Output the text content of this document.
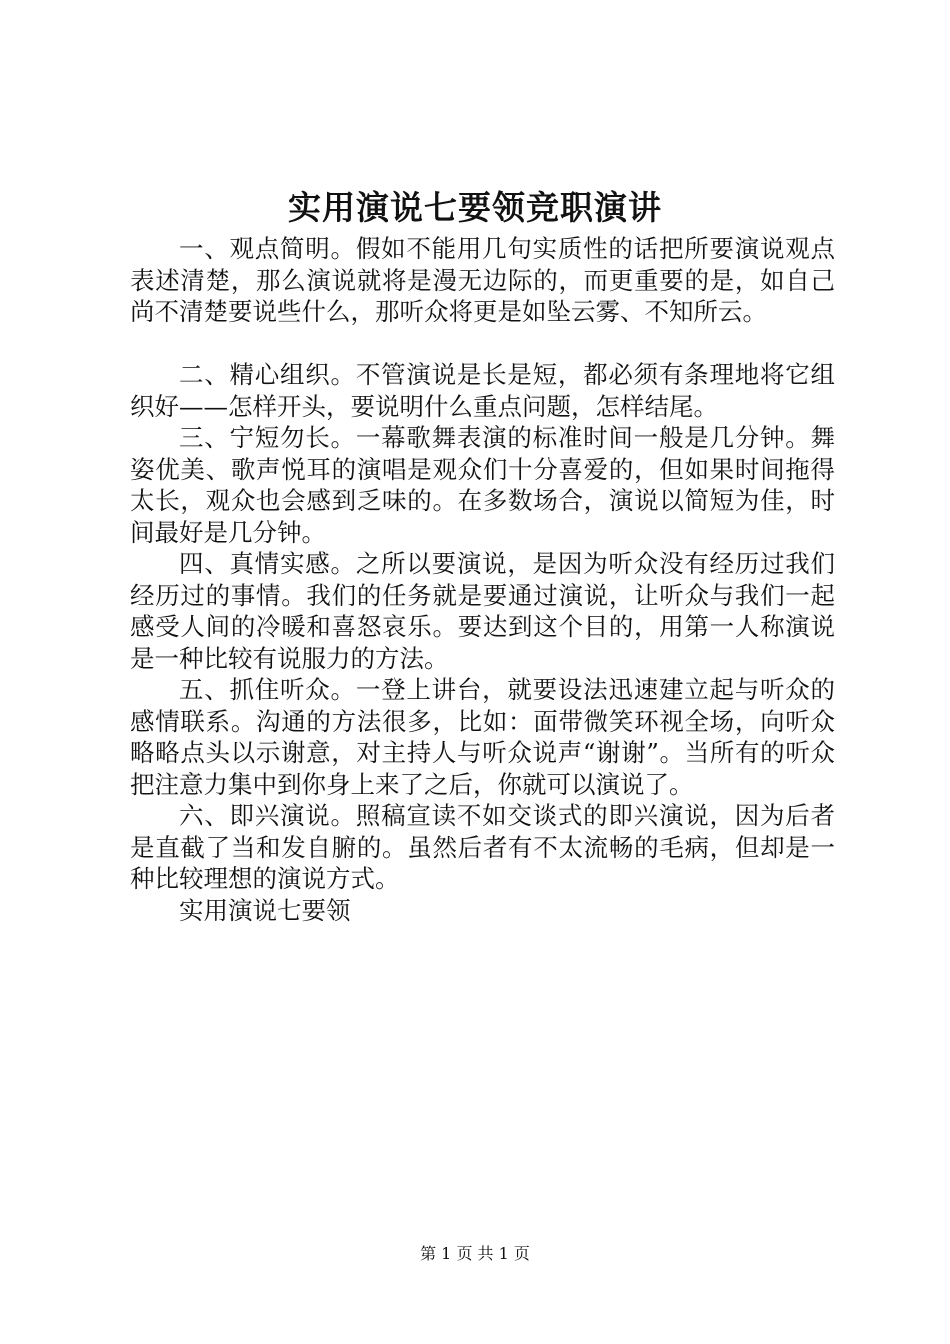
实用演说七要领竞职演讲

一、观点简明。假如不能用几句实质性的话把所要演说观点表述清楚，那么演说就将是漫无边际的，而更重要的是，如自己尚不清楚要说些什么，那听众将更是如坠云雾、不知所云。

二、精心组织。不管演说是长是短，都必须有条理地将它组织好——怎样开头，要说明什么重点问题，怎样结尾。

三、宁短勿长。一幕歌舞表演的标准时间一般是几分钟。舞姿优美、歌声悦耳的演唱是观众们十分喜爱的，但如果时间拖得太长，观众也会感到乏味的。在多数场合，演说以简短为佳，时间最好是几分钟。

四、真情实感。之所以要演说，是因为听众没有经历过我们经历过的事情。我们的任务就是要通过演说，让听众与我们一起感受人间的冷暖和喜怒哀乐。要达到这个目的，用第一人称演说是一种比较有说服力的方法。

五、抓住听众。一登上讲台，就要设法迅速建立起与听众的感情联系。沟通的方法很多，比如：面带微笑环视全场，向听众略略点头以示谢意，对主持人与听众说声“谢谢”。当所有的听众把注意力集中到你身上来了之后，你就可以演说了。

六、即兴演说。照稿宣读不如交谈式的即兴演说，因为后者是直截了当和发自腑的。虽然后者有不太流畅的毛病，但却是一种比较理想的演说方式。

实用演说七要领

第 1 页 共 1 页
